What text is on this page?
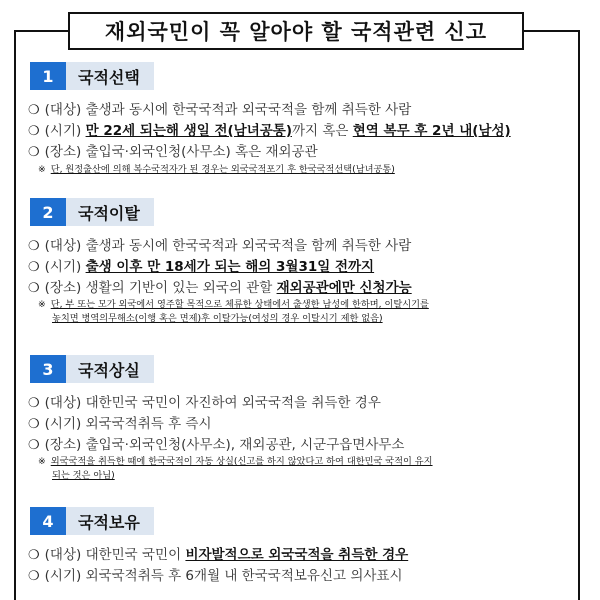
재외국민이 꼭 알아야 할 국적관련 신고
1	국적선택
❍ (대상) 출생과 동시에 한국국적과 외국국적을 함께 취득한 사람
❍ (시기) 만 22세 되는해 생일 전(남녀공통)까지 혹은 현역 복무 후 2년 내(남성)
❍ (장소) 출입국·외국인청(사무소) 혹은 재외공관
※ 단, 원정출산에 의해 복수국적자가 된 경우는 외국국적포기 후 한국국적선택(남녀공통)
2	국적이탈
❍ (대상) 출생과 동시에 한국국적과 외국국적을 함께 취득한 사람
❍ (시기) 출생 이후 만 18세가 되는 해의 3월31일 전까지
❍ (장소) 생활의 기반이 있는 외국의 관할 재외공관에만 신청가능
※ 단, 부 또는 모가 외국에서 영주할 목적으로 체류한 상태에서 출생한 남성에 한하며, 이탈시기를
놓치면 병역의무해소(이행 혹은 면제)후 이탈가능(여성의 경우 이탈시기 제한 없음)
3	국적상실
❍ (대상) 대한민국 국민이 자진하여 외국국적을 취득한 경우
❍ (시기) 외국국적취득 후 즉시
❍ (장소) 출입국·외국인청(사무소), 재외공관, 시군구읍면사무소
※ 외국국적을 취득한 때에 한국국적이 자동 상실(신고를 하지 않았다고 하여 대한민국 국적이 유지
되는 것은 아님)
4	국적보유
❍ (대상) 대한민국 국민이 비자발적으로 외국국적을 취득한 경우
❍ (시기) 외국국적취득 후 6개월 내 한국국적보유신고 의사표시
